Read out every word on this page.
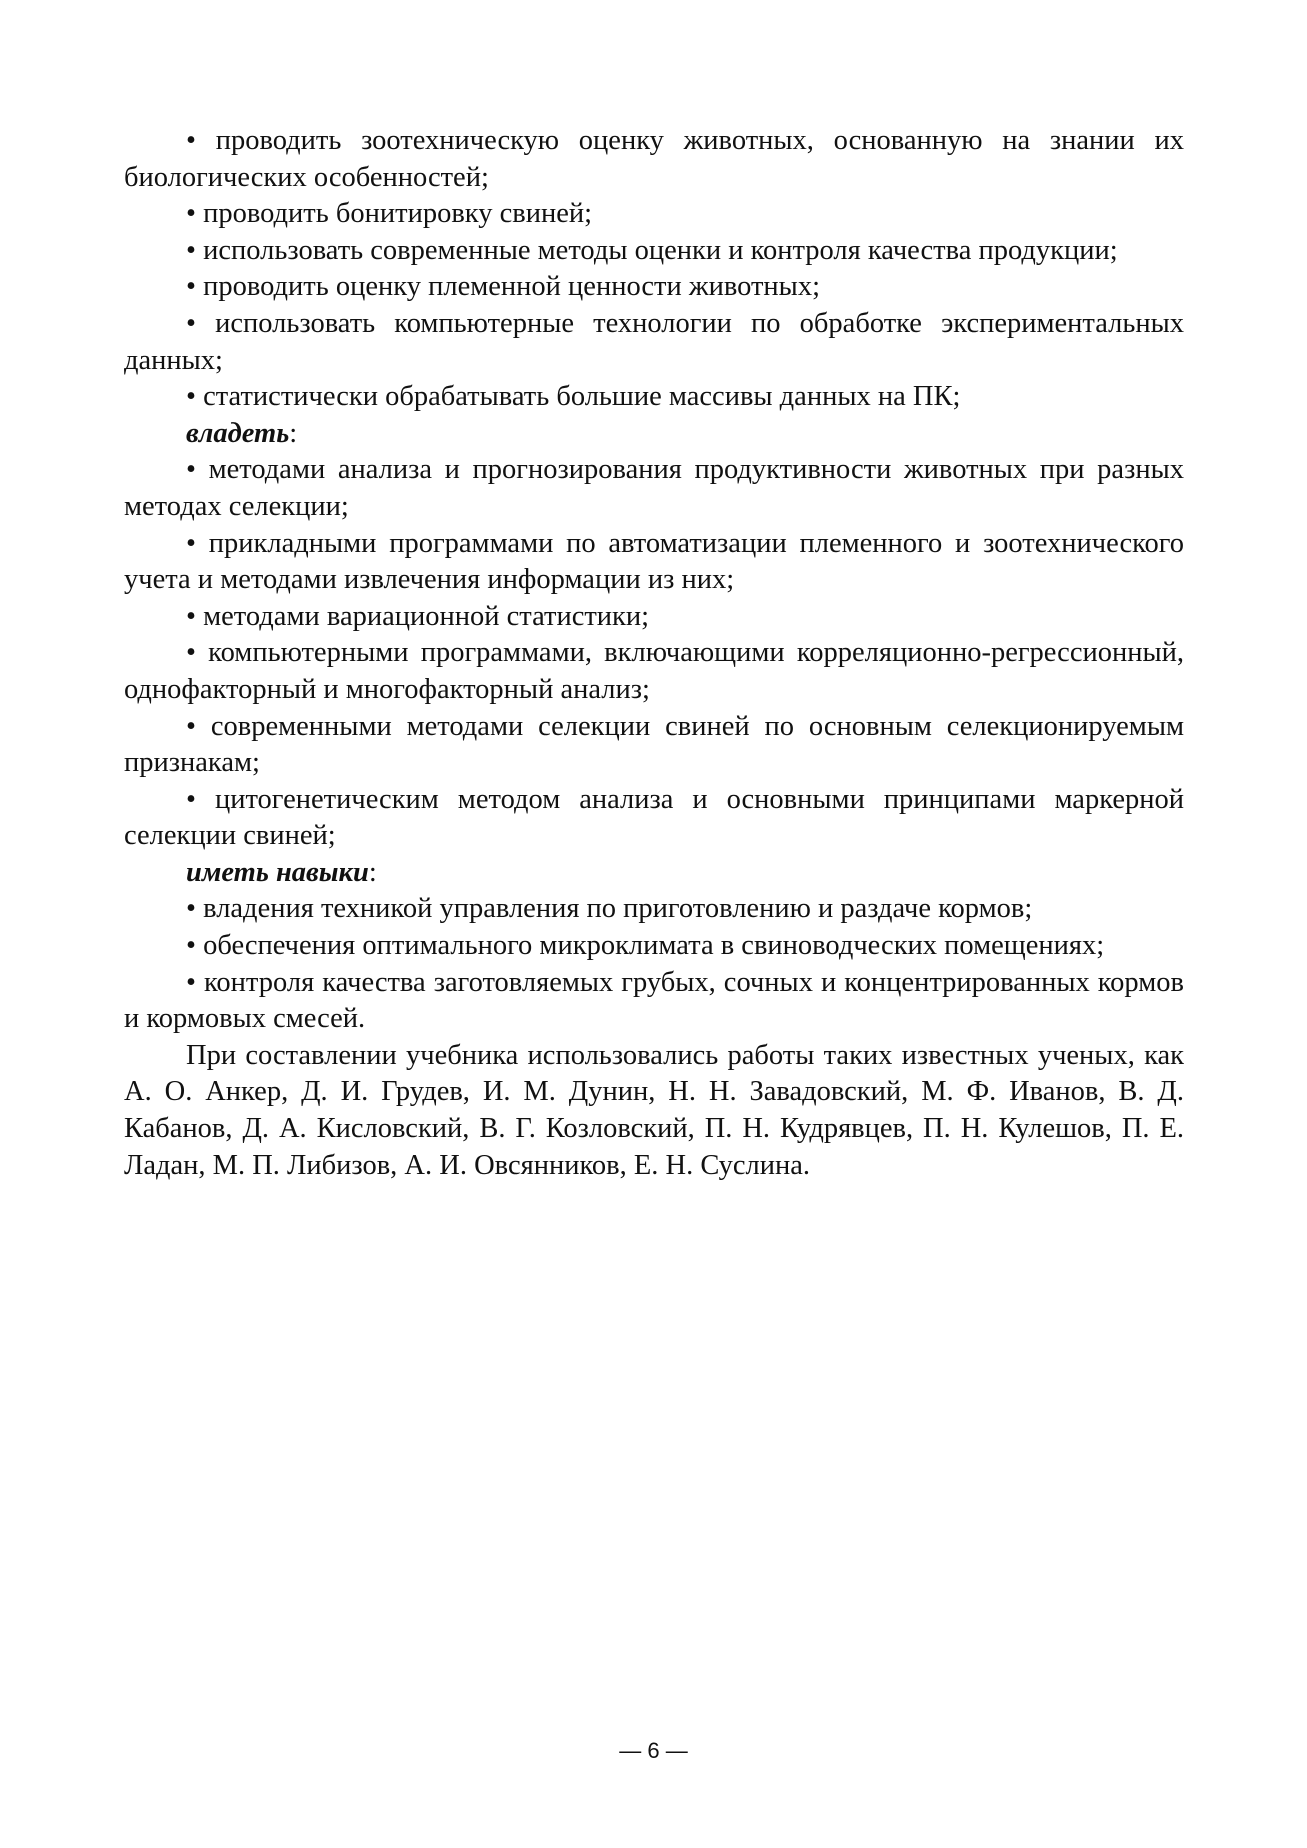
• проводить зоотехническую оценку животных, основанную на знании их биологических особенностей;

• проводить бонитировку свиней;

• использовать современные методы оценки и контроля качества продукции;

• проводить оценку племенной ценности животных;

• использовать компьютерные технологии по обработке экспериментальных данных;

• статистически обрабатывать большие массивы данных на ПК;

владеть:

• методами анализа и прогнозирования продуктивности животных при разных методах селекции;

• прикладными программами по автоматизации племенного и зоотехнического учета и методами извлечения информации из них;

• методами вариационной статистики;

• компьютерными программами, включающими корреляционно-регрессионный, однофакторный и многофакторный анализ;

• современными методами селекции свиней по основным селекционируемым признакам;

• цитогенетическим методом анализа и основными принципами маркерной селекции свиней;

иметь навыки:

• владения техникой управления по приготовлению и раздаче кормов;

• обеспечения оптимального микроклимата в свиноводческих помещениях;

• контроля качества заготовляемых грубых, сочных и концентрированных кормов и кормовых смесей.

При составлении учебника использовались работы таких известных ученых, как А. О. Анкер, Д. И. Грудев, И. М. Дунин, Н. Н. Завадовский, М. Ф. Иванов, В. Д. Кабанов, Д. А. Кисловский, В. Г. Козловский, П. Н. Кудрявцев, П. Н. Кулешов, П. Е. Ладан, М. П. Либизов, А. И. Овсянников, Е. Н. Суслина.

— 6 —
